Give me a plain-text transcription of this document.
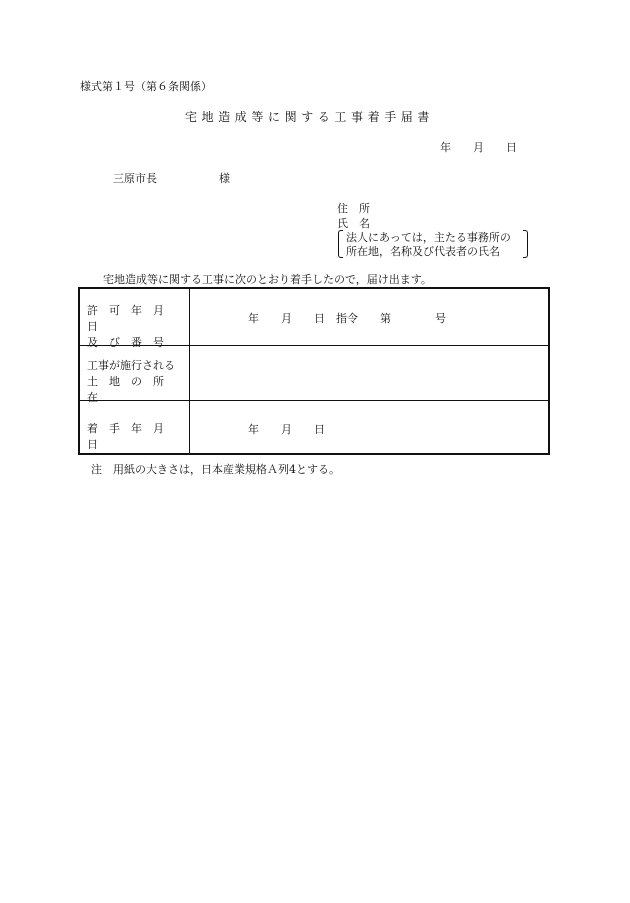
様式第１号（第６条関係）
宅地造成等に関する工事着手届書
年　　月　　日
三原市長	様
住　所
氏　名
法人にあっては，主たる事務所の
所在地，名称及び代表者の氏名
宅地造成等に関する工事に次のとおり着手したので，届け出ます。
許　可　年　月　日
及　び　番　号
年　　月　　日　指令　　第　　　　号
工事が施行される
土　地　の　所　在
着　手　年　月　日
年　　月　　日
注　用紙の大きさは，日本産業規格Ａ列4とする。
